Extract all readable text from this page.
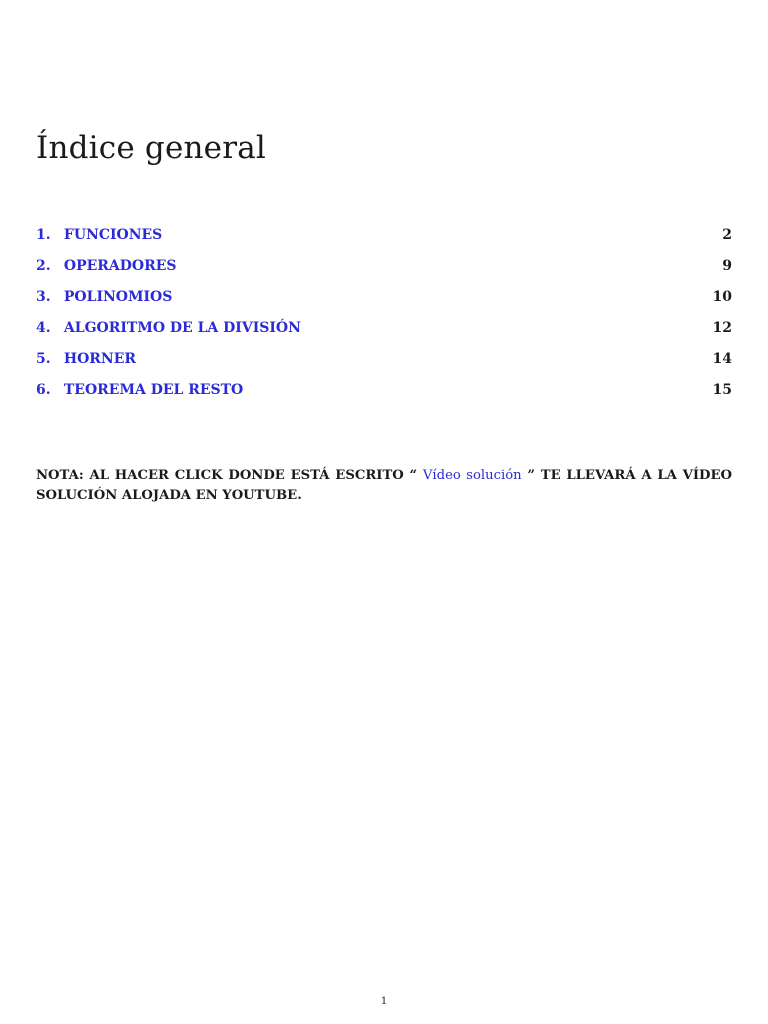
Índice general
1. FUNCIONES	2
2. OPERADORES	9
3. POLINOMIOS	10
4. ALGORITMO DE LA DIVISIÓN	12
5. HORNER	14
6. TEOREMA DEL RESTO	15

NOTA: AL HACER CLICK DONDE ESTÁ ESCRITO “ Vídeo solución ” TE LLEVARÁ A LA VÍDEO SOLUCIÓN ALOJADA EN YOUTUBE.

1
